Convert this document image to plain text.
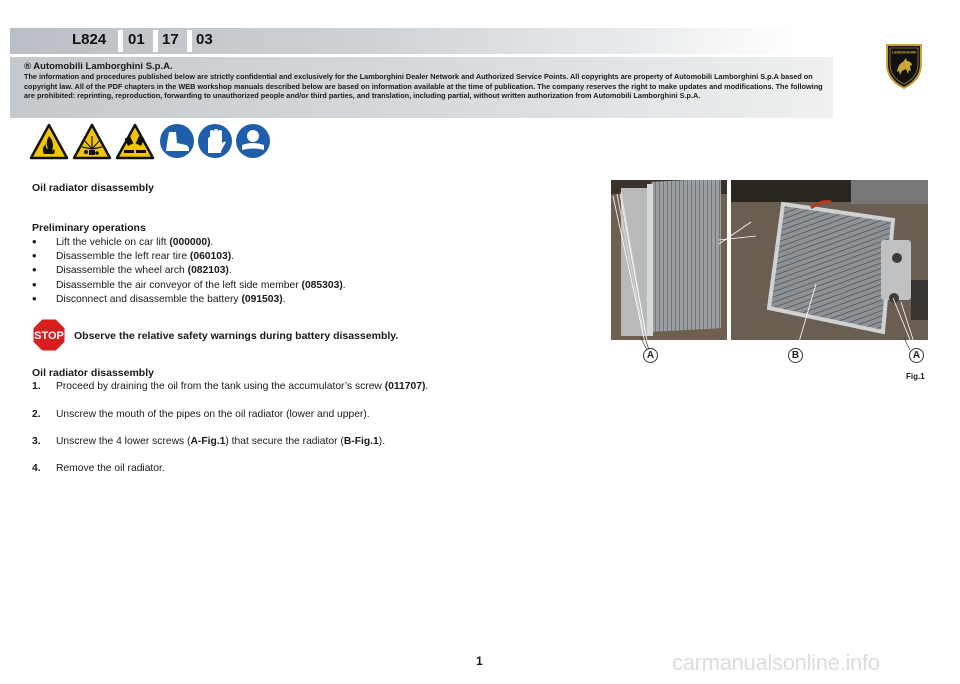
L824 01 17 03
® Automobili Lamborghini S.p.A.
The information and procedures published below are strictly confidential and exclusively for the Lamborghini Dealer Network and Authorized Service Points. All copyrights are property of Automobili Lamborghini S.p.A based on copyright law. All of the PDF chapters in the WEB workshop manuals described below are based on information available at the time of publication. The company reserves the right to make updates and modifications. The following are prohibited: reprinting, reproduction, forwarding to unauthorized people and/or third parties, and translation, including partial, without written authorization from Automobili Lamborghini S.p.A.
LAMBORGHINI
Oil radiator disassembly
Preliminary operations
• Lift the vehicle on car lift (000000).
• Disassemble the left rear tire (060103).
• Disassemble the wheel arch (082103).
• Disassemble the air conveyor of the left side member (085303).
• Disconnect and disassemble the battery (091503).
STOP Observe the relative safety warnings during battery disassembly.
Oil radiator disassembly
1. Proceed by draining the oil from the tank using the accumulator’s screw (011707).
2. Unscrew the mouth of the pipes on the oil radiator (lower and upper).
3. Unscrew the 4 lower screws (A-Fig.1) that secure the radiator (B-Fig.1).
4. Remove the oil radiator.
A	B	A
Fig.1
1	carmanualsonline.info
